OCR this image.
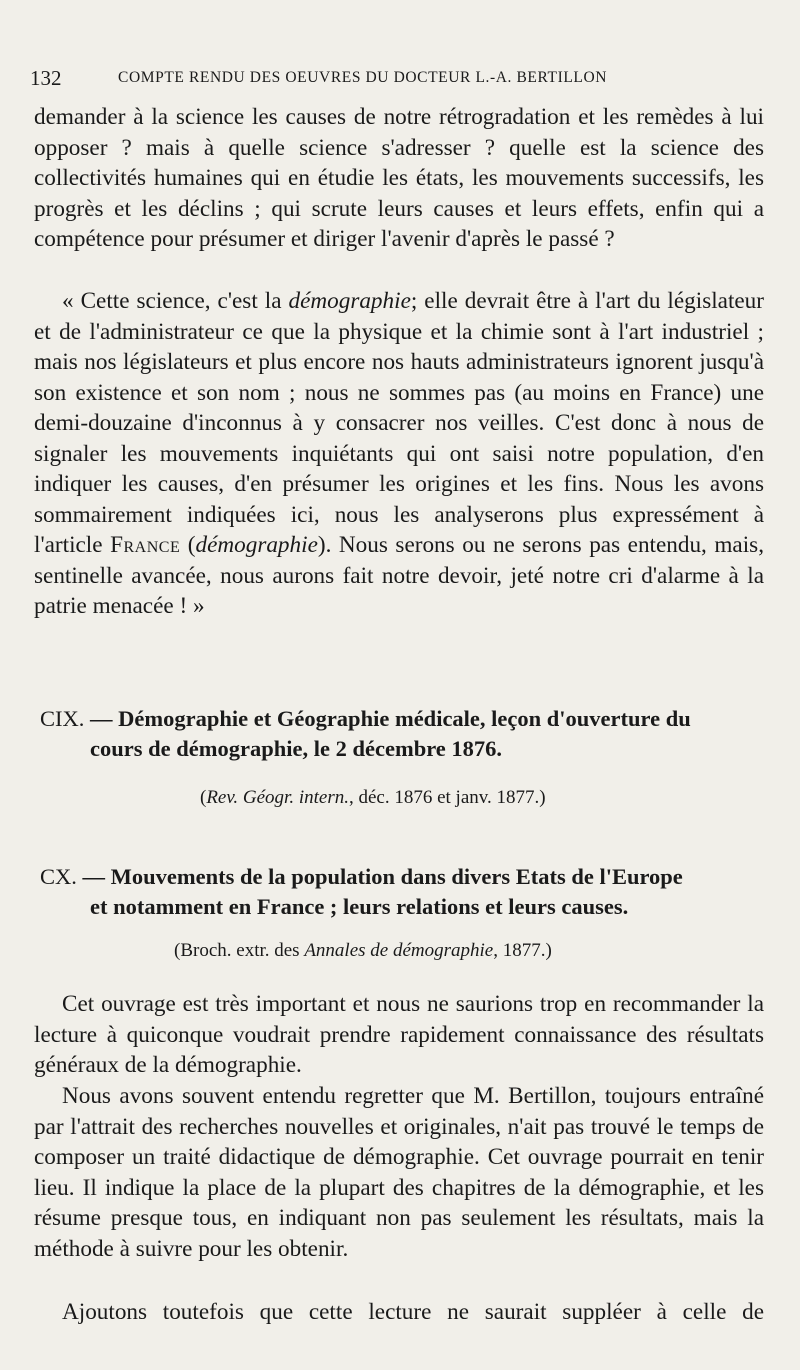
132	COMPTE RENDU DES OEUVRES DU DOCTEUR L.-A. BERTILLON

demander à la science les causes de notre rétrogradation et les remèdes à lui opposer ? mais à quelle science s'adresser ? quelle est la science des collectivités humaines qui en étudie les états, les mouvements successifs, les progrès et les déclins ; qui scrute leurs causes et leurs effets, enfin qui a compétence pour présumer et diriger l'avenir d'après le passé ?

« Cette science, c'est la démographie; elle devrait être à l'art du législateur et de l'administrateur ce que la physique et la chimie sont à l'art industriel ; mais nos législateurs et plus encore nos hauts administrateurs ignorent jusqu'à son existence et son nom ; nous ne sommes pas (au moins en France) une demi-douzaine d'inconnus à y consacrer nos veilles. C'est donc à nous de signaler les mouvements inquiétants qui ont saisi notre population, d'en indiquer les causes, d'en présumer les origines et les fins. Nous les avons sommairement indiquées ici, nous les analyserons plus expressément à l'article France (démographie). Nous serons ou ne serons pas entendu, mais, sentinelle avancée, nous aurons fait notre devoir, jeté notre cri d'alarme à la patrie menacée ! »

CIX. — Démographie et Géographie médicale, leçon d'ouverture du
cours de démographie, le 2 décembre 1876.

(Rev. Géogr. intern., déc. 1876 et janv. 1877.)

CX. — Mouvements de la population dans divers Etats de l'Europe
et notamment en France ; leurs relations et leurs causes.

(Broch. extr. des Annales de démographie, 1877.)

Cet ouvrage est très important et nous ne saurions trop en recommander la lecture à quiconque voudrait prendre rapidement connaissance des résultats généraux de la démographie.

Nous avons souvent entendu regretter que M. Bertillon, toujours entraîné par l'attrait des recherches nouvelles et originales, n'ait pas trouvé le temps de composer un traité didactique de démographie. Cet ouvrage pourrait en tenir lieu. Il indique la place de la plupart des chapitres de la démographie, et les résume presque tous, en indiquant non pas seulement les résultats, mais la méthode à suivre pour les obtenir.

Ajoutons toutefois que cette lecture ne saurait suppléer à celle de
